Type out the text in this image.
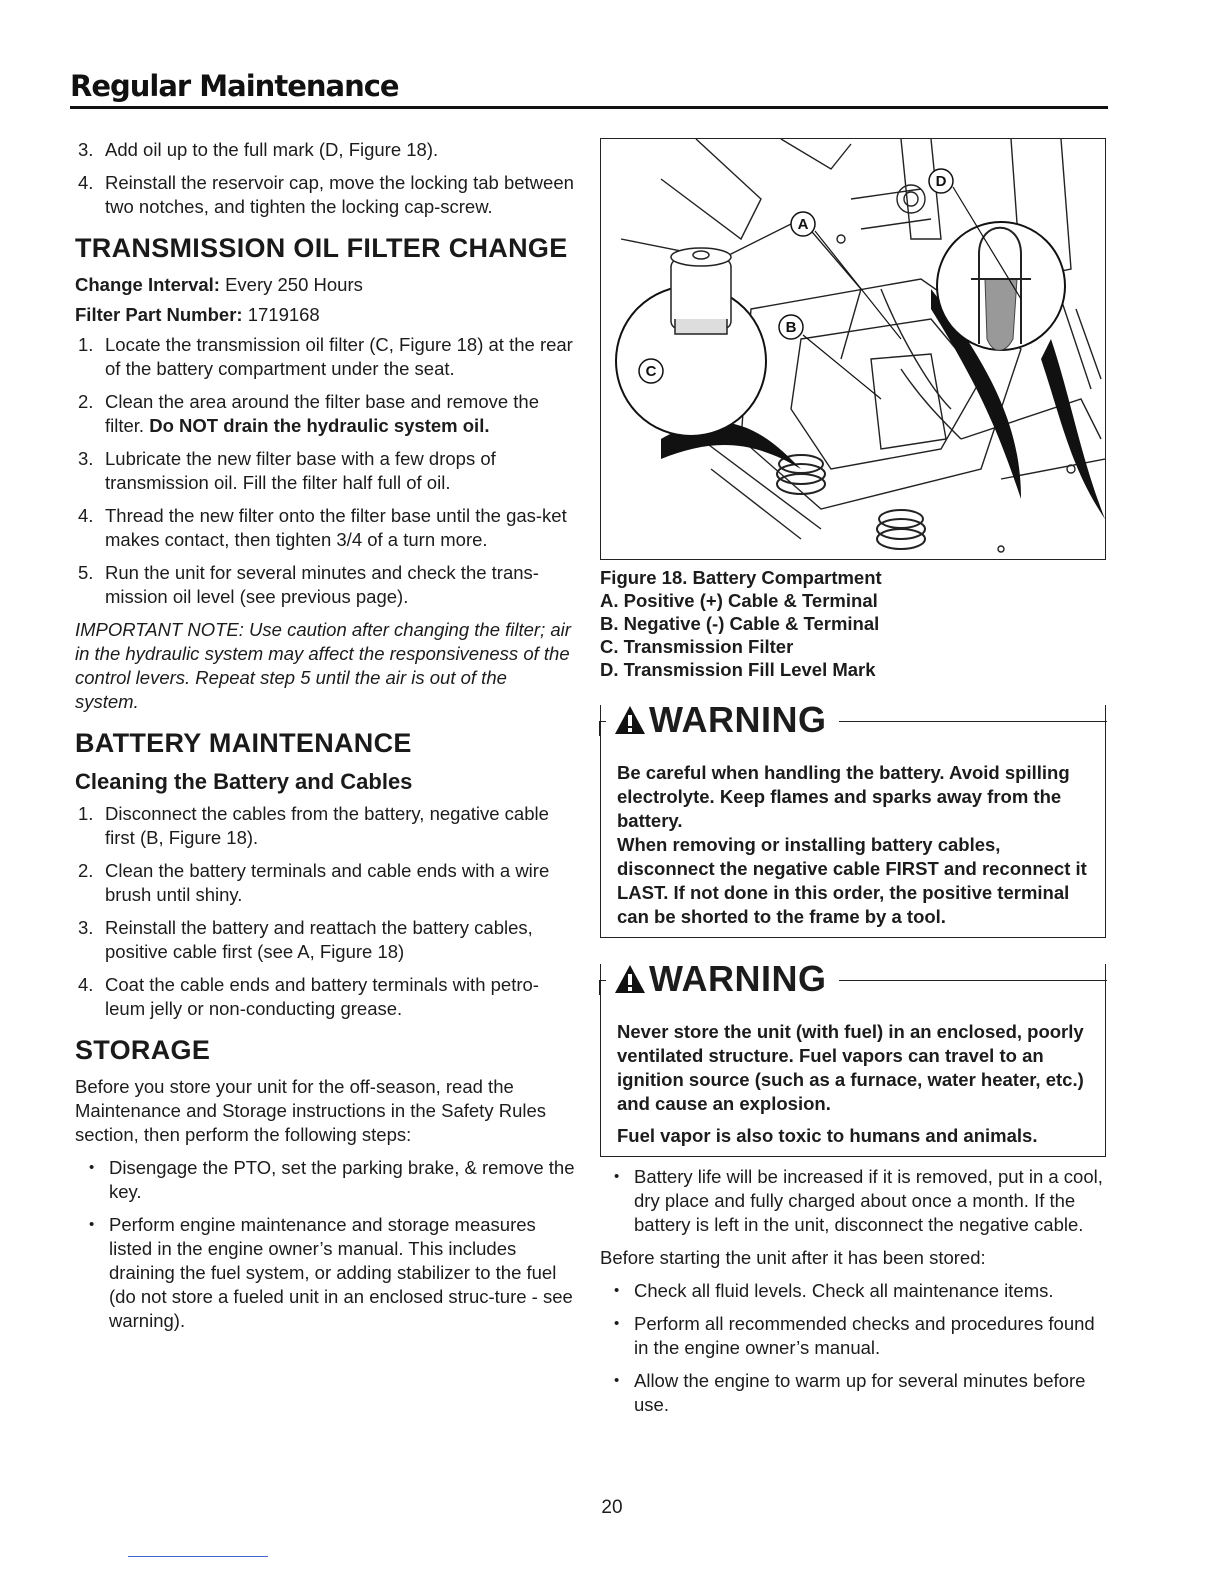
Regular Maintenance
3. Add oil up to the full mark (D, Figure 18).
4. Reinstall the reservoir cap, move the locking tab between two notches, and tighten the locking cap-screw.
TRANSMISSION OIL FILTER CHANGE

Change Interval: Every 250 Hours

Filter Part Number: 1719168

1. Locate the transmission oil filter (C, Figure 18) at the rear of the battery compartment under the seat.
2. Clean the area around the filter base and remove the filter. Do NOT drain the hydraulic system oil.
3. Lubricate the new filter base with a few drops of transmission oil. Fill the filter half full of oil.
4. Thread the new filter onto the filter base until the gas-ket makes contact, then tighten 3/4 of a turn more.
5. Run the unit for several minutes and check the trans-mission oil level (see previous page).

IMPORTANT NOTE: Use caution after changing the filter; air in the hydraulic system may affect the responsiveness of the control levers. Repeat step 5 until the air is out of the system.

BATTERY MAINTENANCE
Cleaning the Battery and Cables
1. Disconnect the cables from the battery, negative cable first (B, Figure 18).
2. Clean the battery terminals and cable ends with a wire brush until shiny.
3. Reinstall the battery and reattach the battery cables, positive cable first (see A, Figure 18)
4. Coat the cable ends and battery terminals with petro-leum jelly or non-conducting grease.
STORAGE

Before you store your unit for the off-season, read the Maintenance and Storage instructions in the Safety Rules section, then perform the following steps:

• Disengage the PTO, set the parking brake, & remove the key.
• Perform engine maintenance and storage measures listed in the engine owner’s manual. This includes draining the fuel system, or adding stabilizer to the fuel (do not store a fueled unit in an enclosed struc-ture - see warning).
D
A
B
C
Figure 18. Battery Compartment
A. Positive (+) Cable & Terminal
B. Negative (-) Cable & Terminal
C. Transmission Filter
D. Transmission Fill Level Mark
WARNING

Be careful when handling the battery. Avoid spilling electrolyte. Keep flames and sparks away from the battery.

When removing or installing battery cables, disconnect the negative cable FIRST and reconnect it LAST. If not done in this order, the positive terminal can be shorted to the frame by a tool.

WARNING

Never store the unit (with fuel) in an enclosed, poorly ventilated structure. Fuel vapors can travel to an ignition source (such as a furnace, water heater, etc.) and cause an explosion.

Fuel vapor is also toxic to humans and animals.

• Battery life will be increased if it is removed, put in a cool, dry place and fully charged about once a month. If the battery is left in the unit, disconnect the negative cable.

Before starting the unit after it has been stored:

• Check all fluid levels. Check all maintenance items.
• Perform all recommended checks and procedures found in the engine owner’s manual.
• Allow the engine to warm up for several minutes before use.
20
